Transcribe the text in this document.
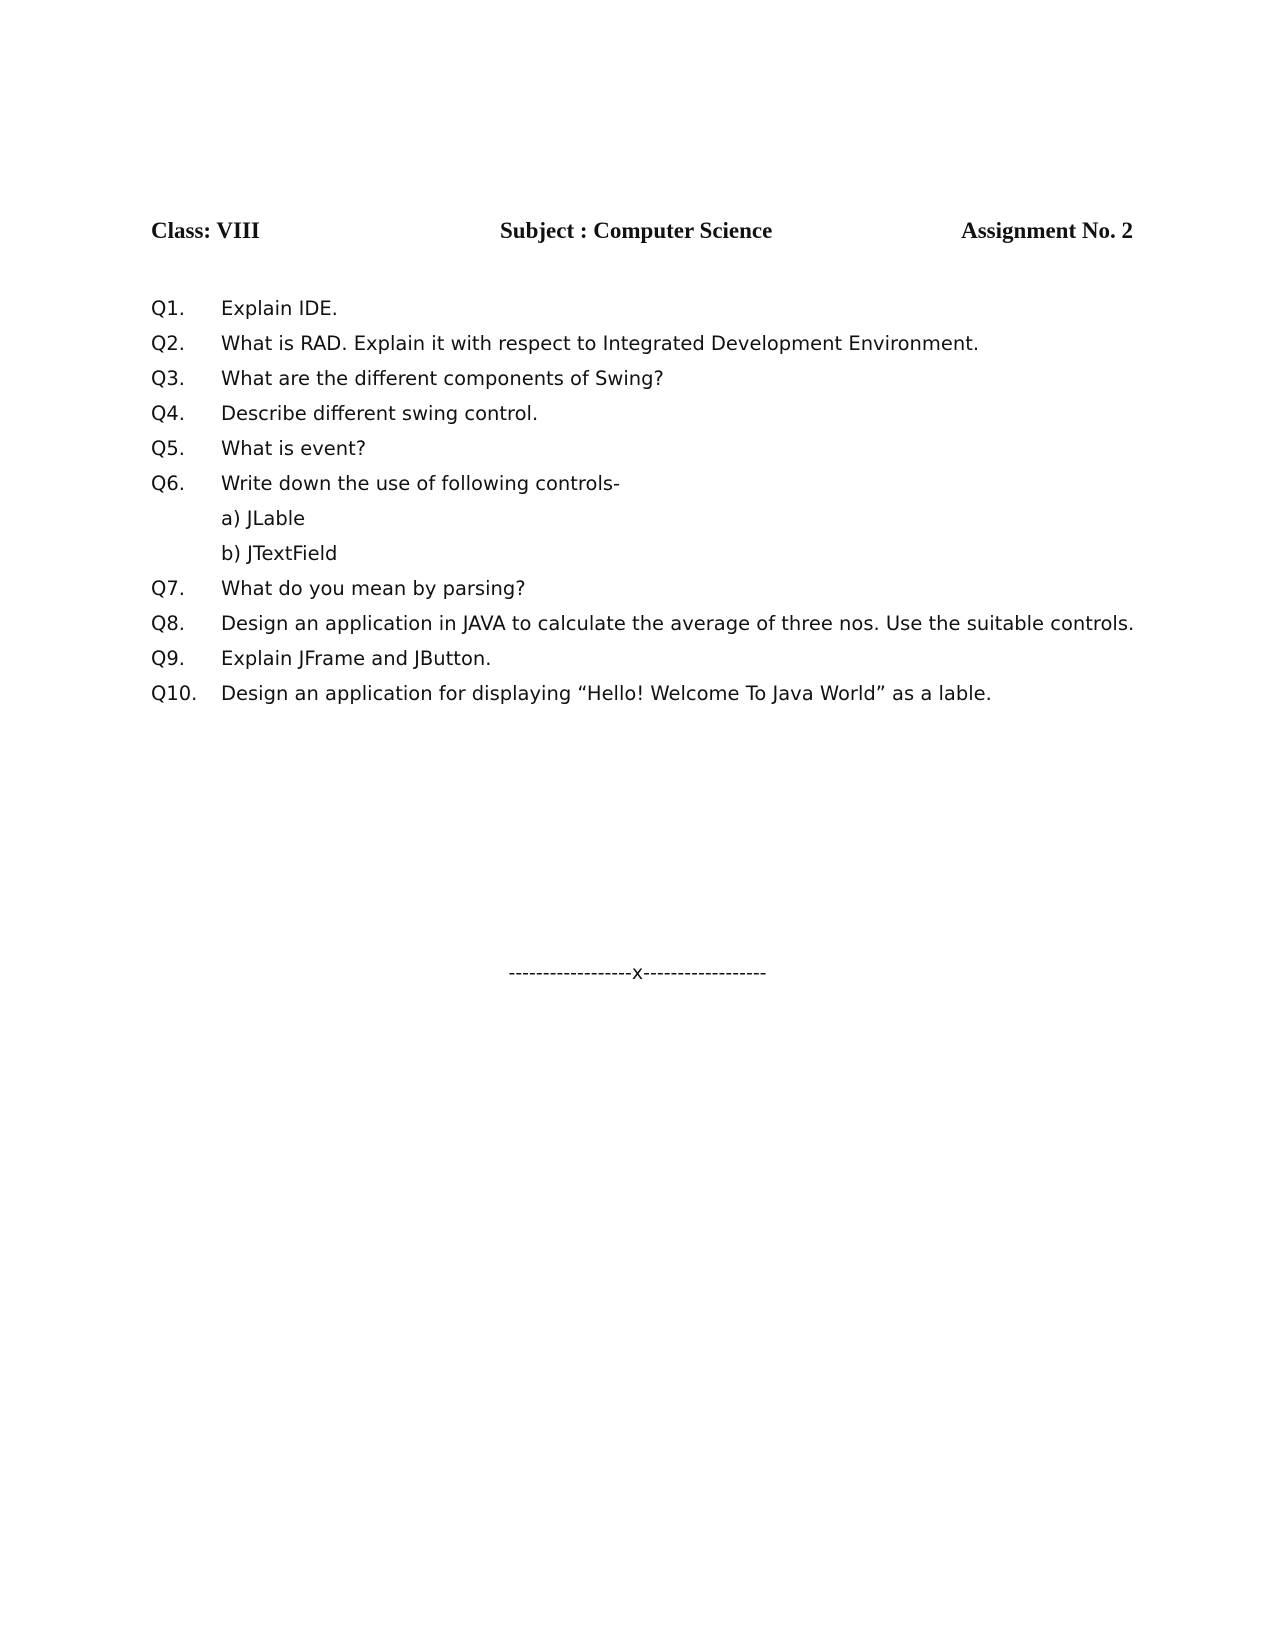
Class: VIII	Subject : Computer Science	Assignment No. 2
Q1. Explain IDE.
Q2. What is RAD. Explain it with respect to Integrated Development Environment.
Q3. What are the different components of Swing?
Q4. Describe different swing control.
Q5. What is event?
Q6. Write down the use of following controls-
a) JLable
b) JTextField
Q7. What do you mean by parsing?
Q8. Design an application in JAVA to calculate the average of three nos. Use the suitable controls.
Q9. Explain JFrame and JButton.
Q10. Design an application for displaying “Hello! Welcome To Java World” as a lable.
------------------x------------------
